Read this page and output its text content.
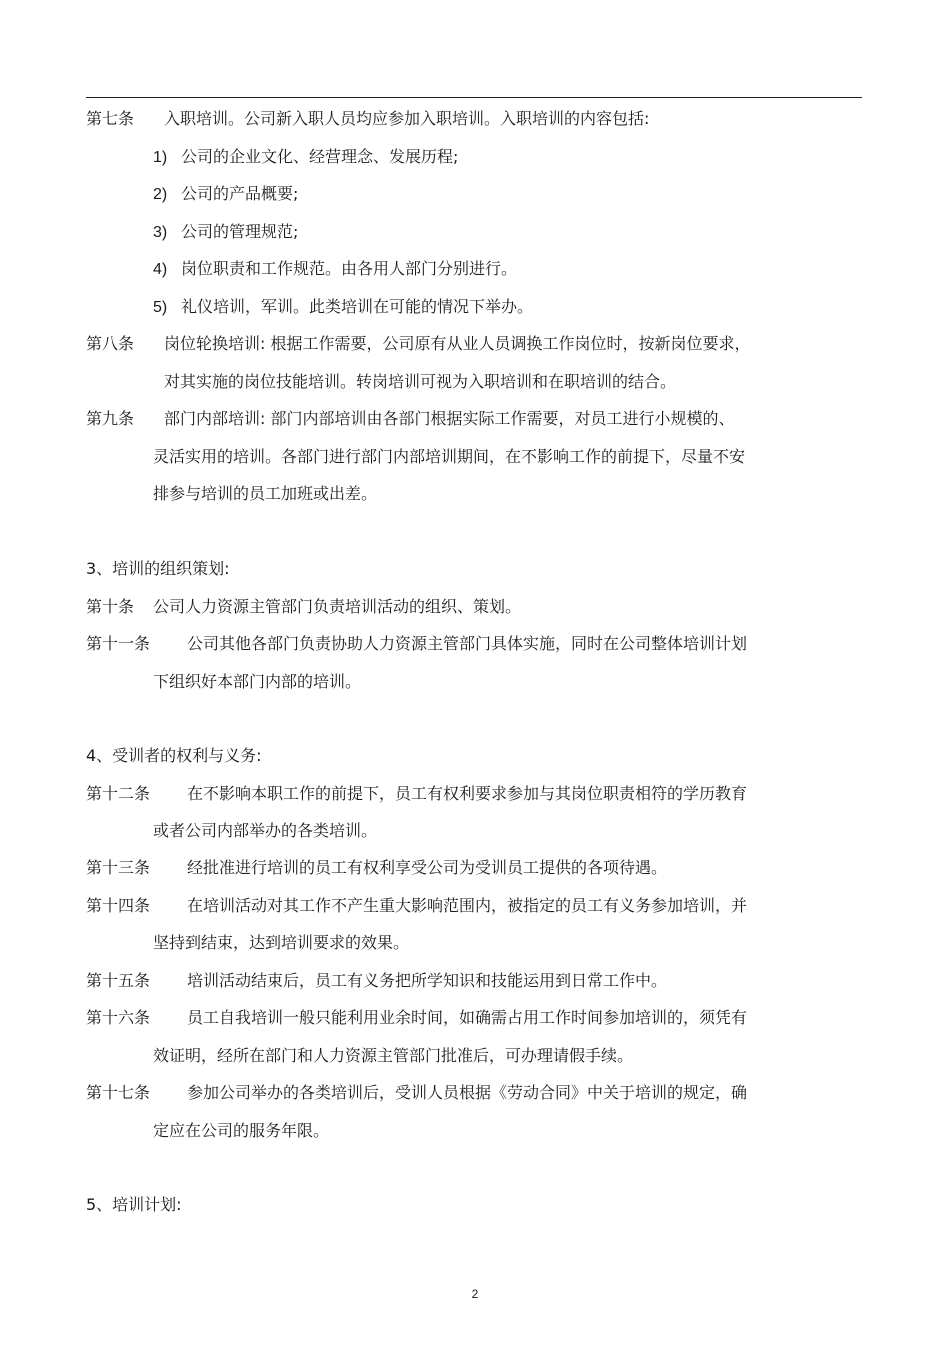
第七条 入职培训。公司新入职人员均应参加入职培训。入职培训的内容包括:
1) 公司的企业文化、经营理念、发展历程;
2) 公司的产品概要;
3) 公司的管理规范;
4) 岗位职责和工作规范。由各用人部门分别进行。
5) 礼仪培训，军训。此类培训在可能的情况下举办。
第八条 岗位轮换培训: 根据工作需要，公司原有从业人员调换工作岗位时，按新岗位要求，
对其实施的岗位技能培训。转岗培训可视为入职培训和在职培训的结合。
第九条 部门内部培训: 部门内部培训由各部门根据实际工作需要，对员工进行小规模的、
灵活实用的培训。各部门进行部门内部培训期间，在不影响工作的前提下，尽量不安
排参与培训的员工加班或出差。
3、培训的组织策划:
第十条 公司人力资源主管部门负责培训活动的组织、策划。
第十一条 公司其他各部门负责协助人力资源主管部门具体实施，同时在公司整体培训计划
下组织好本部门内部的培训。
4、受训者的权利与义务:
第十二条 在不影响本职工作的前提下，员工有权利要求参加与其岗位职责相符的学历教育
或者公司内部举办的各类培训。
第十三条 经批准进行培训的员工有权利享受公司为受训员工提供的各项待遇。
第十四条 在培训活动对其工作不产生重大影响范围内，被指定的员工有义务参加培训，并
坚持到结束，达到培训要求的效果。
第十五条 培训活动结束后，员工有义务把所学知识和技能运用到日常工作中。
第十六条 员工自我培训一般只能利用业余时间，如确需占用工作时间参加培训的，须凭有
效证明，经所在部门和人力资源主管部门批准后，可办理请假手续。
第十七条 参加公司举办的各类培训后，受训人员根据《劳动合同》中关于培训的规定，确
定应在公司的服务年限。
5、培训计划:
2
